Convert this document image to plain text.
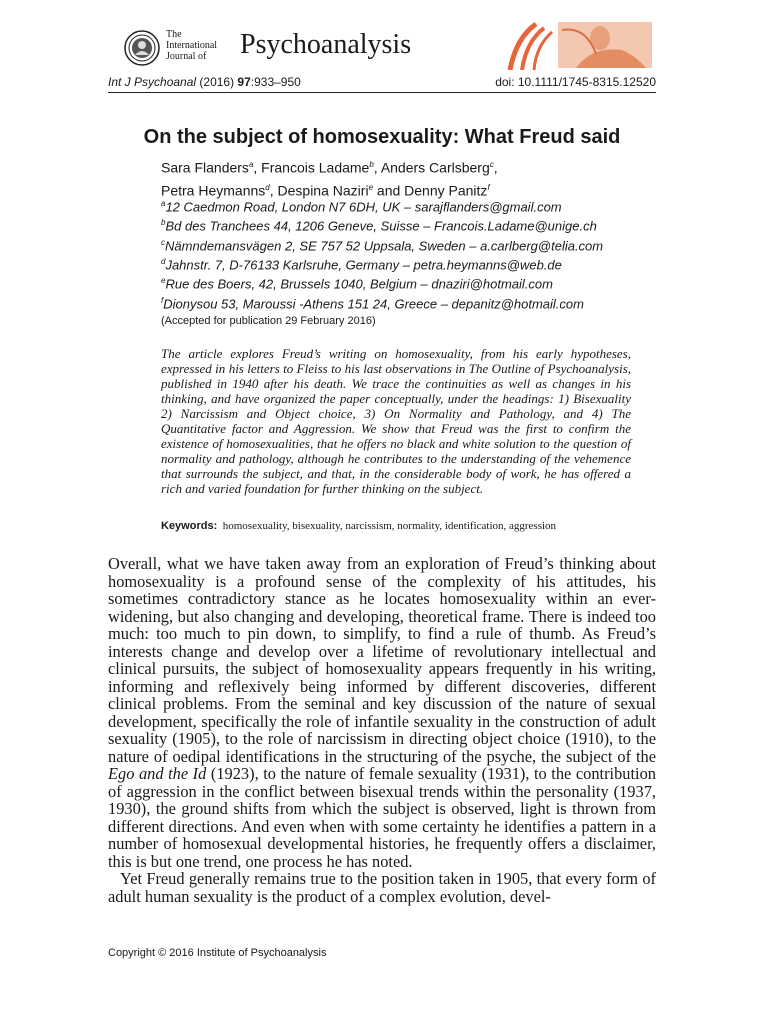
The
International
Journal of	Psychoanalysis
Int J Psychoanal (2016) 97:933–950	doi: 10.1111/1745-8315.12520
On the subject of homosexuality: What Freud said
Sara Flanders$^a$, Francois Ladame$^b$, Anders Carlsberg$^c$,
Petra Heymanns$^d$, Despina Naziri$^e$ and Denny Panitz$^f$
$^a$12 Caedmon Road, London N7 6DH, UK – sarajflanders@gmail.com
$^b$Bd des Tranchees 44, 1206 Geneve, Suisse – Francois.Ladame@unige.ch
$^c$Nämndemansvägen 2, SE 757 52 Uppsala, Sweden – a.carlberg@telia.com
$^d$Jahnstr. 7, D-76133 Karlsruhe, Germany – petra.heymanns@web.de
$^e$Rue des Boers, 42, Brussels 1040, Belgium – dnaziri@hotmail.com
$^f$Dionysou 53, Maroussi -Athens 151 24, Greece – depanitz@hotmail.com
(Accepted for publication 29 February 2016)
The article explores Freud’s writing on homosexuality, from his early hypotheses, expressed in his letters to Fleiss to his last observations in The Outline of Psychoanalysis, published in 1940 after his death. We trace the continuities as well as changes in his thinking, and have organized the paper conceptually, under the headings: 1) Bisexuality 2) Narcissism and Object choice, 3) On Normality and Pathology, and 4) The Quantitative factor and Aggression. We show that Freud was the first to confirm the existence of homosexualities, that he offers no black and white solution to the question of normality and pathology, although he contributes to the understanding of the vehemence that surrounds the subject, and that, in the considerable body of work, he has offered a rich and varied foundation for further thinking on the subject.
Keywords: homosexuality, bisexuality, narcissism, normality, identification, aggression

Overall, what we have taken away from an exploration of Freud’s thinking about homosexuality is a profound sense of the complexity of his attitudes, his sometimes contradictory stance as he locates homosexuality within an ever-widening, but also changing and developing, theoretical frame. There is indeed too much: too much to pin down, to simplify, to find a rule of thumb. As Freud’s interests change and develop over a lifetime of revolutionary intellectual and clinical pursuits, the subject of homosexuality appears frequently in his writing, informing and reflexively being informed by different discoveries, different clinical problems. From the seminal and key discussion of the nature of sexual development, specifically the role of infantile sexuality in the construction of adult sexuality (1905), to the role of narcissism in directing object choice (1910), to the nature of oedipal identifications in the structuring of the psyche, the subject of the Ego and the Id (1923), to the nature of female sexuality (1931), to the contribution of aggression in the conflict between bisexual trends within the personality (1937, 1930), the ground shifts from which the subject is observed, light is thrown from different directions. And even when with some certainty he identifies a pattern in a number of homosexual developmental histories, he frequently offers a disclaimer, this is but one trend, one process he has noted.

Yet Freud generally remains true to the position taken in 1905, that every form of adult human sexuality is the product of a complex evolution, devel-

Copyright © 2016 Institute of Psychoanalysis
